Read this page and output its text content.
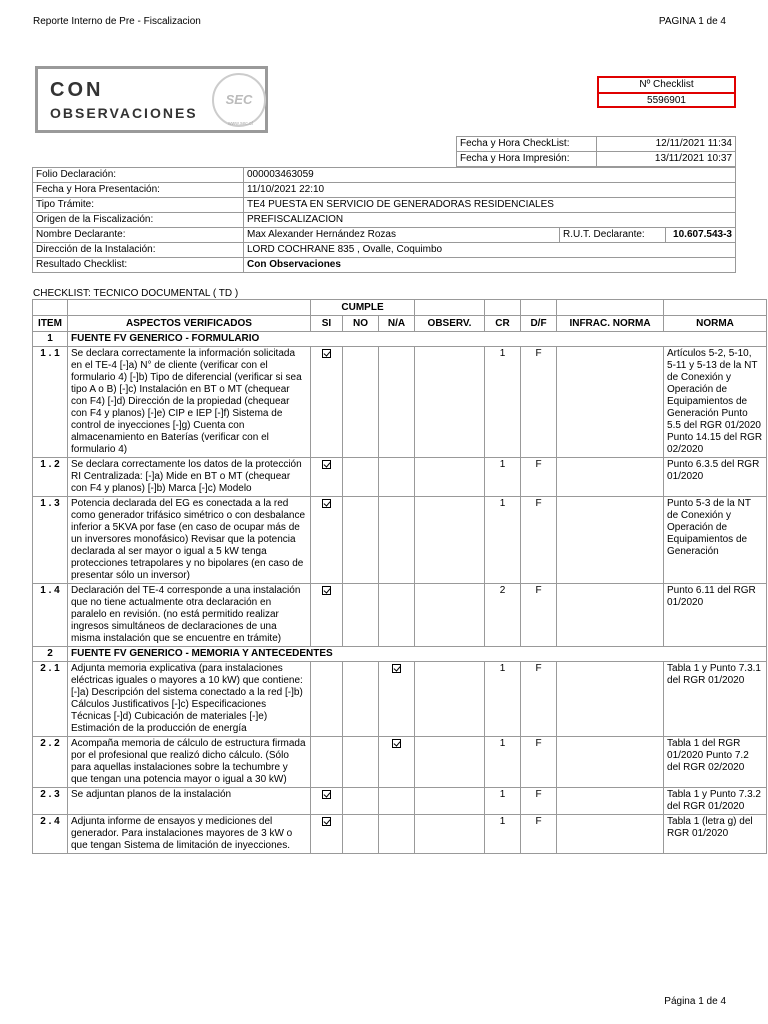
Reporte Interno de Pre - Fiscalizacion	PAGINA 1 de 4
CON
OBSERVACIONES
SEC
www.sec.cl
Nº Checklist
5596901
Fecha y Hora CheckList:	12/11/2021 11:34
Fecha y Hora Impresión:	13/11/2021 10:37
Folio Declaración:	000003463059		
Fecha y Hora Presentación:	11/10/2021 22:10		
Tipo Trámite:	TE4 PUESTA EN SERVICIO DE GENERADORAS RESIDENCIALES		
Origen de la Fiscalización:	PREFISCALIZACION		
Nombre Declarante:	Max Alexander Hernández Rozas	R.U.T. Declarante:	10.607.543-3
Dirección de la Instalación:	LORD COCHRANE 835 , Ovalle, Coquimbo		
Resultado Checklist:	Con Observaciones		
CHECKLIST: TECNICO DOCUMENTAL ( TD )
		CUMPLE							
ITEM	ASPECTOS VERIFICADOS	SI	NO	N/A	OBSERV.	CR	D/F	INFRAC. NORMA	NORMA
1	FUENTE FV GENERICO - FORMULARIO								
1 . 1	Se declara correctamente la información solicitada en el TE-4 [-]a) N° de cliente (verificar con el formulario 4) [-]b) Tipo de diferencial (verificar si sea tipo A o B) [-]c) Instalación en BT o MT (chequear con F4) [-]d) Dirección de la propiedad (chequear con F4 y planos) [-]e) CIP e IEP [-]f) Sistema de control de inyecciones [-]g) Cuenta con almacenamiento en Baterías (verificar con el formulario 4)					1	F		Artículos 5-2, 5-10, 5-11 y 5-13 de la NT de Conexión y Operación de Equipamientos de Generación Punto 5.5 del RGR 01/2020 Punto 14.15 del RGR 02/2020
1 . 2	Se declara correctamente los datos de la protección RI Centralizada: [-]a) Mide en BT o MT (chequear con F4 y planos) [-]b) Marca [-]c) Modelo					1	F		Punto 6.3.5 del RGR 01/2020
1 . 3	Potencia declarada del EG es conectada a la red como generador trifásico simétrico o con desbalance inferior a 5KVA por fase (en caso de ocupar más de un inversores monofásico) Revisar que la potencia declarada al ser mayor o igual a 5 kW tenga protecciones tetrapolares y no bipolares (en caso de presentar sólo un inversor)					1	F		Punto 5-3 de la NT de Conexión y Operación de Equipamientos de Generación
1 . 4	Declaración del TE-4 corresponde a una instalación que no tiene actualmente otra declaración en paralelo en revisión. (no está permitido realizar ingresos simultáneos de declaraciones de una misma instalación que se encuentre en trámite)					2	F		Punto 6.11 del RGR 01/2020
2	FUENTE FV GENERICO - MEMORIA Y ANTECEDENTES								
2 . 1	Adjunta memoria explicativa (para instalaciones eléctricas iguales o mayores a 10 kW) que contiene: [-]a) Descripción del sistema conectado a la red [-]b) Cálculos Justificativos [-]c) Especificaciones Técnicas [-]d) Cubicación de materiales [-]e) Estimación de la producción de energía					1	F		Tabla 1 y Punto 7.3.1 del RGR 01/2020
2 . 2	Acompaña memoria de cálculo de estructura firmada por el profesional que realizó dicho cálculo. (Sólo para aquellas instalaciones sobre la techumbre y que tengan una potencia mayor o igual a 30 kW)					1	F		Tabla 1 del RGR 01/2020 Punto 7.2 del RGR 02/2020
2 . 3	Se adjuntan planos de la instalación					1	F		Tabla 1 y Punto 7.3.2 del RGR 01/2020
2 . 4	Adjunta informe de ensayos y mediciones del generador. Para instalaciones mayores de 3 kW o que tengan Sistema de limitación de inyecciones.					1	F		Tabla 1 (letra g) del RGR 01/2020
Página 1 de 4
